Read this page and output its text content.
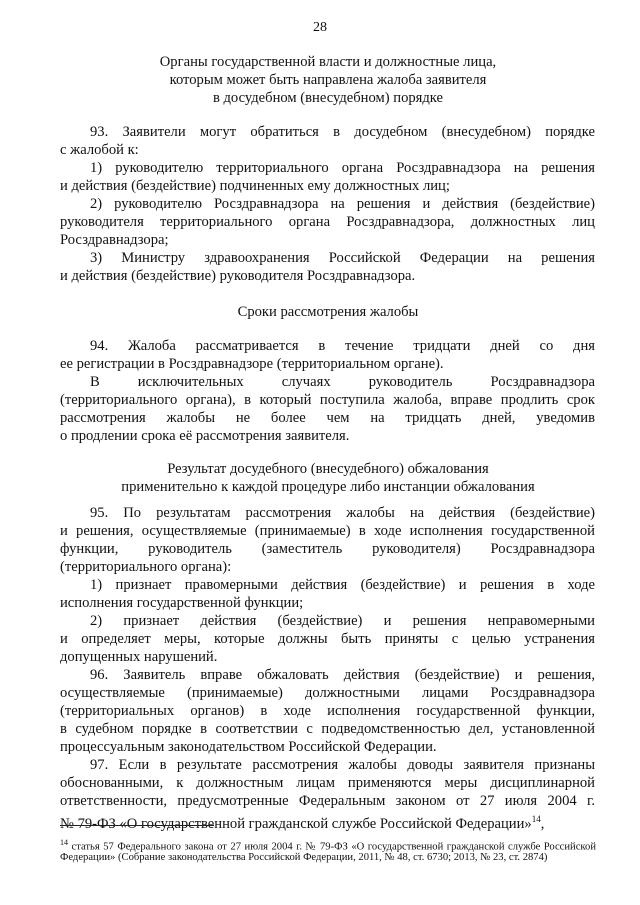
28
Органы государственной власти и должностные лица,
которым может быть направлена жалоба заявителя
в досудебном (внесудебном) порядке
93. Заявители могут обратиться в досудебном (внесудебном) порядке
с жалобой к:
1) руководителю территориального органа Росздравнадзора на решения
и действия (бездействие) подчиненных ему должностных лиц;
2) руководителю Росздравнадзора на решения и действия (бездействие)
руководителя территориального органа Росздравнадзора, должностных лиц
Росздравнадзора;
3) Министру здравоохранения Российской Федерации на решения
и действия (бездействие) руководителя Росздравнадзора.
Сроки рассмотрения жалобы
94. Жалоба рассматривается в течение тридцати дней со дня
ее регистрации в Росздравнадзоре (территориальном органе).
В исключительных случаях руководитель Росздравнадзора
(территориального органа), в который поступила жалоба, вправе продлить срок
рассмотрения жалобы не более чем на тридцать дней, уведомив
о продлении срока её рассмотрения заявителя.
Результат досудебного (внесудебного) обжалования
применительно к каждой процедуре либо инстанции обжалования
95. По результатам рассмотрения жалобы на действия (бездействие)
и решения, осуществляемые (принимаемые) в ходе исполнения государственной
функции, руководитель (заместитель руководителя) Росздравнадзора
(территориального органа):
1) признает правомерными действия (бездействие) и решения в ходе
исполнения государственной функции;
2) признает действия (бездействие) и решения неправомерными
и определяет меры, которые должны быть приняты с целью устранения
допущенных нарушений.
96. Заявитель вправе обжаловать действия (бездействие) и решения,
осуществляемые (принимаемые) должностными лицами Росздравнадзора
(территориальных органов) в ходе исполнения государственной функции,
в судебном порядке в соответствии с подведомственностью дел, установленной
процессуальным законодательством Российской Федерации.
97. Если в результате рассмотрения жалобы доводы заявителя признаны
обоснованными, к должностным лицам применяются меры дисциплинарной
ответственности, предусмотренные Федеральным законом от 27 июля 2004 г.
№ 79-ФЗ «О государственной гражданской службе Российской Федерации»$^{14}$,
$^{14}$ статья 57 Федерального закона от 27 июля 2004 г. № 79-ФЗ «О государственной гражданской службе Российской
Федерации» (Собрание законодательства Российской Федерации, 2011, № 48, ст. 6730; 2013, № 23, ст. 2874)
